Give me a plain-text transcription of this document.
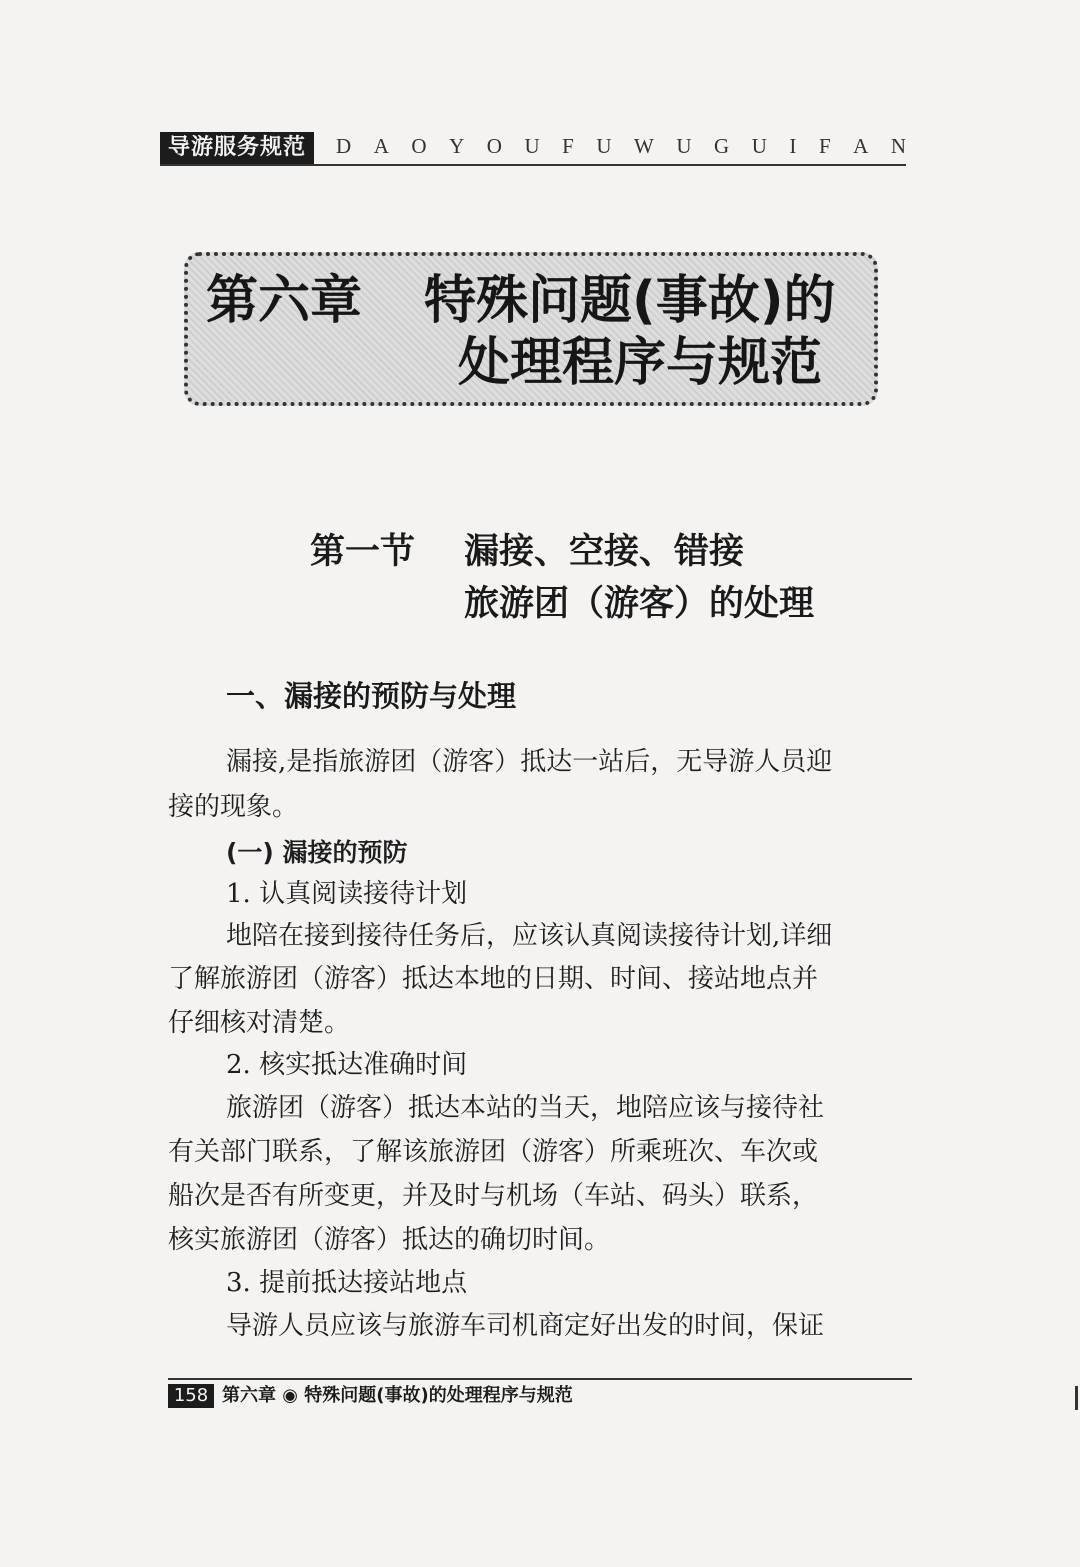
导游服务规范	D A O Y O U F U W U G U I F A N
第六章 特殊问题(事故)的
处理程序与规范
第一节 漏接、空接、错接
旅游团（游客）的处理
一、漏接的预防与处理
漏接,是指旅游团（游客）抵达一站后，无导游人员迎
接的现象。
(一) 漏接的预防
1. 认真阅读接待计划
地陪在接到接待任务后，应该认真阅读接待计划,详细
了解旅游团（游客）抵达本地的日期、时间、接站地点并
仔细核对清楚。
2. 核实抵达准确时间
旅游团（游客）抵达本站的当天，地陪应该与接待社
有关部门联系，了解该旅游团（游客）所乘班次、车次或
船次是否有所变更，并及时与机场（车站、码头）联系，
核实旅游团（游客）抵达的确切时间。
3. 提前抵达接站地点
导游人员应该与旅游车司机商定好出发的时间，保证
158 第六章 ◉ 特殊问题(事故)的处理程序与规范
